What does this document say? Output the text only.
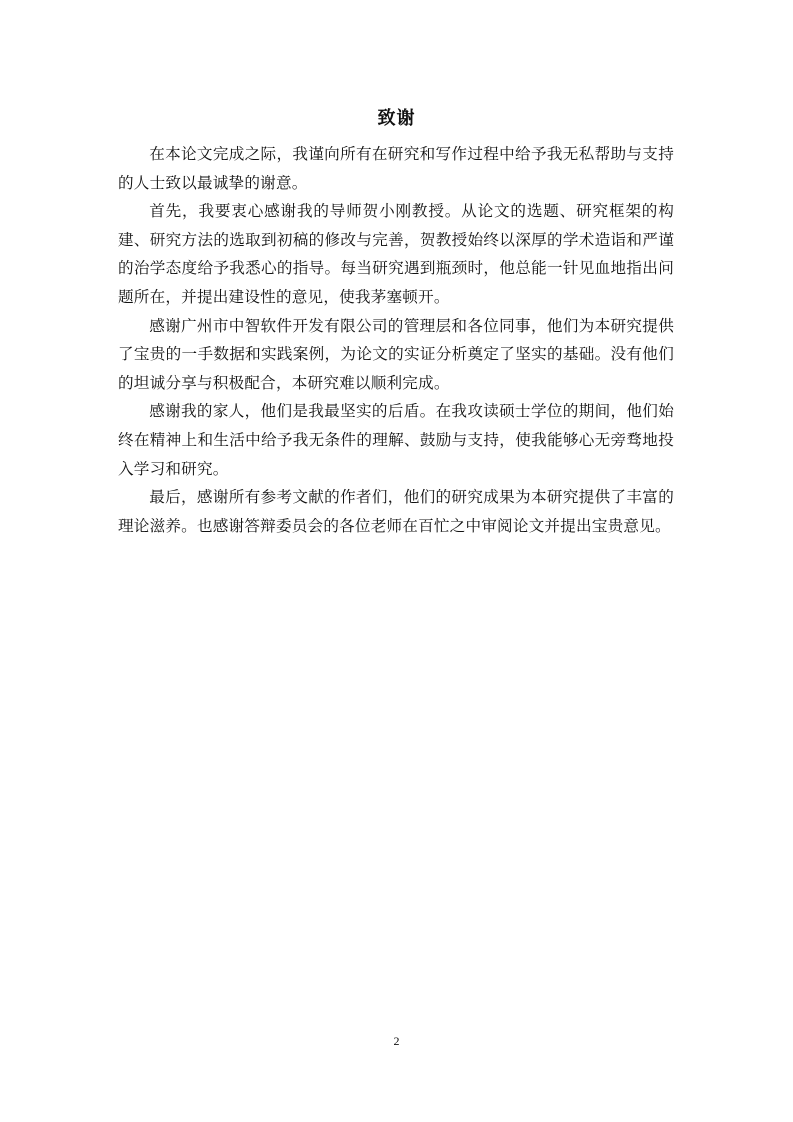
致谢

在本论文完成之际，我谨向所有在研究和写作过程中给予我无私帮助与支持的人士致以最诚挚的谢意。

首先，我要衷心感谢我的导师贺小刚教授。从论文的选题、研究框架的构建、研究方法的选取到初稿的修改与完善，贺教授始终以深厚的学术造诣和严谨的治学态度给予我悉心的指导。每当研究遇到瓶颈时，他总能一针见血地指出问题所在，并提出建设性的意见，使我茅塞顿开。

感谢广州市中智软件开发有限公司的管理层和各位同事，他们为本研究提供了宝贵的一手数据和实践案例，为论文的实证分析奠定了坚实的基础。没有他们的坦诚分享与积极配合，本研究难以顺利完成。

感谢我的家人，他们是我最坚实的后盾。在我攻读硕士学位的期间，他们始终在精神上和生活中给予我无条件的理解、鼓励与支持，使我能够心无旁骛地投入学习和研究。

最后，感谢所有参考文献的作者们，他们的研究成果为本研究提供了丰富的理论滋养。也感谢答辩委员会的各位老师在百忙之中审阅论文并提出宝贵意见。

2
